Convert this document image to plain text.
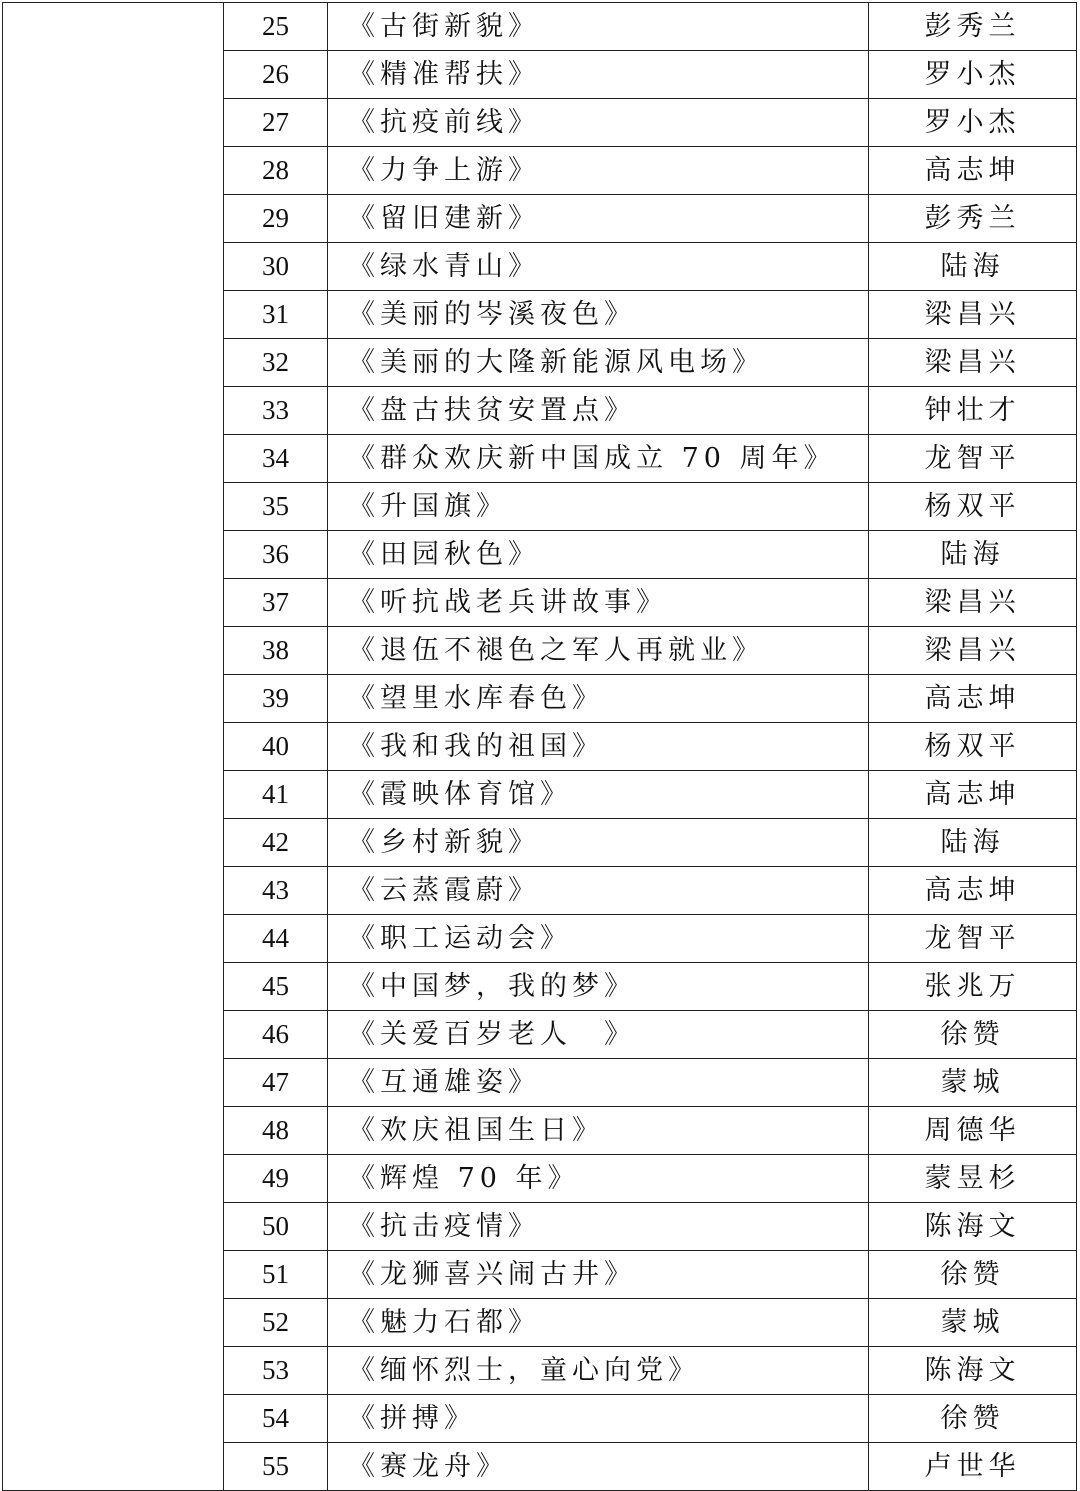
	25	《古街新貌》	彭秀兰
	26	《精准帮扶》	罗小杰
	27	《抗疫前线》	罗小杰
	28	《力争上游》	高志坤
	29	《留旧建新》	彭秀兰
	30	《绿水青山》	陆海
	31	《美丽的岑溪夜色》	梁昌兴
	32	《美丽的大隆新能源风电场》	梁昌兴
	33	《盘古扶贫安置点》	钟壮才
	34	《群众欢庆新中国成立 70 周年》	龙智平
	35	《升国旗》	杨双平
	36	《田园秋色》	陆海
	37	《听抗战老兵讲故事》	梁昌兴
	38	《退伍不褪色之军人再就业》	梁昌兴
	39	《望里水库春色》	高志坤
	40	《我和我的祖国》	杨双平
	41	《霞映体育馆》	高志坤
	42	《乡村新貌》	陆海
	43	《云蒸霞蔚》	高志坤
	44	《职工运动会》	龙智平
	45	《中国梦，我的梦》	张兆万
	46	《关爱百岁老人　》	徐赞
	47	《互通雄姿》	蒙城
	48	《欢庆祖国生日》	周德华
	49	《辉煌 70 年》	蒙昱杉
	50	《抗击疫情》	陈海文
	51	《龙狮喜兴闹古井》	徐赞
	52	《魅力石都》	蒙城
	53	《缅怀烈士，童心向党》	陈海文
	54	《拼搏》	徐赞
	55	《赛龙舟》	卢世华
